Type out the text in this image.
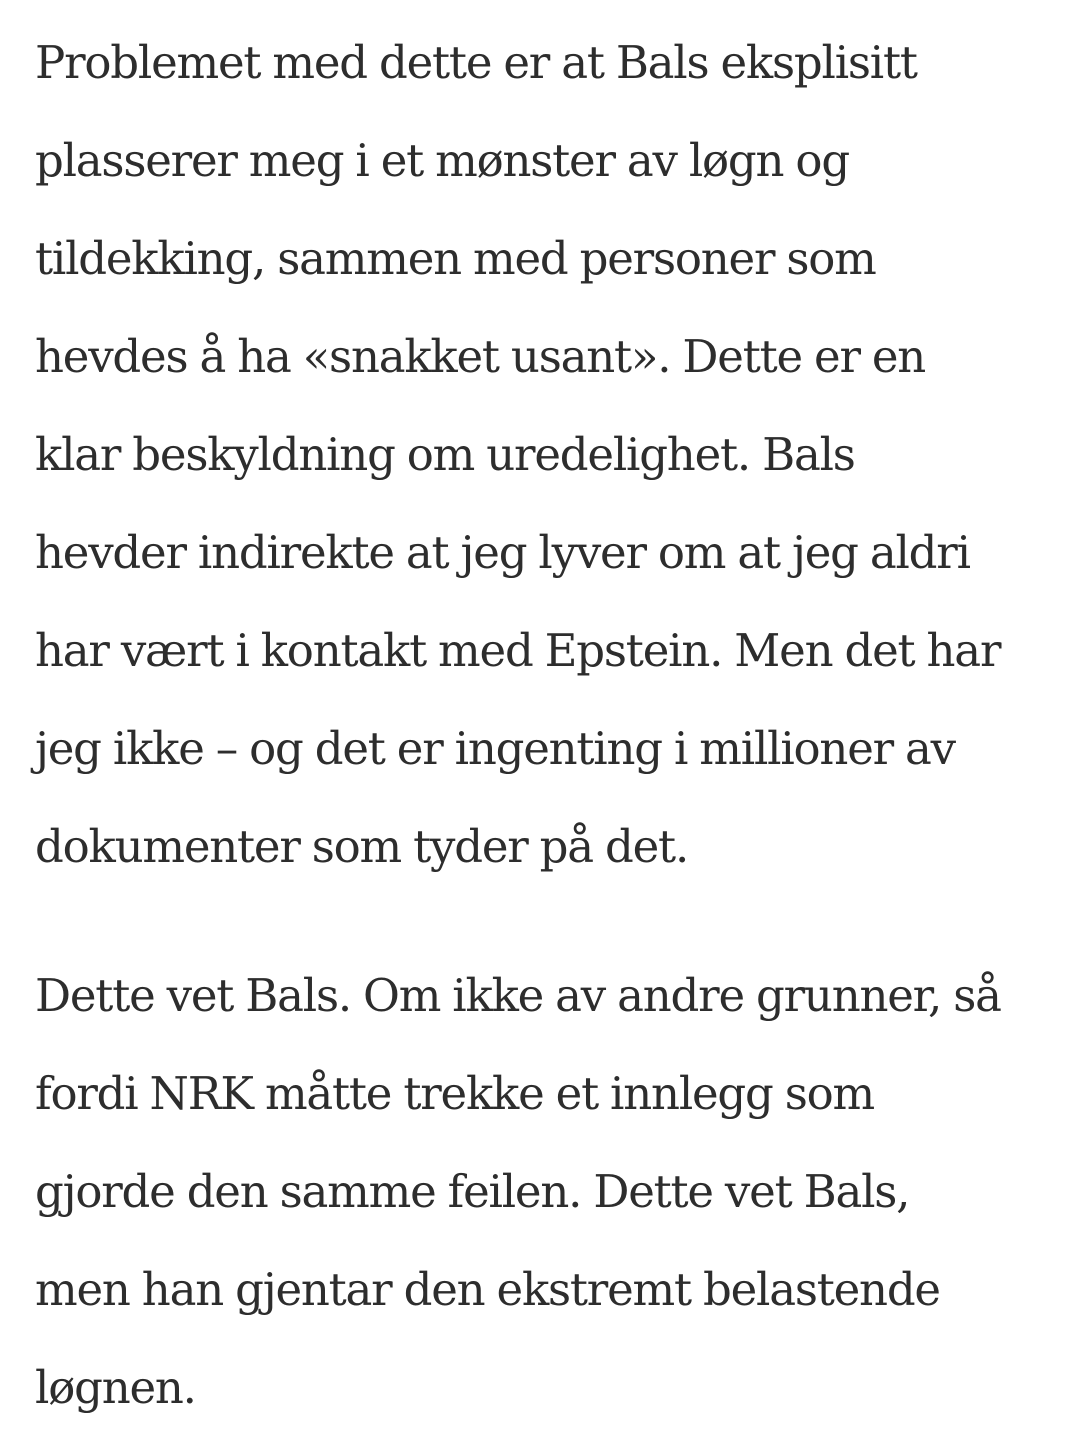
Problemet med dette er at Bals eksplisitt
plasserer meg i et mønster av løgn og
tildekking, sammen med personer som
hevdes å ha «snakket usant». Dette er en
klar beskyldning om uredelighet. Bals
hevder indirekte at jeg lyver om at jeg aldri
har vært i kontakt med Epstein. Men det har
jeg ikke – og det er ingenting i millioner av
dokumenter som tyder på det.

Dette vet Bals. Om ikke av andre grunner, så
fordi NRK måtte trekke et innlegg som
gjorde den samme feilen. Dette vet Bals,
men han gjentar den ekstremt belastende
løgnen.
